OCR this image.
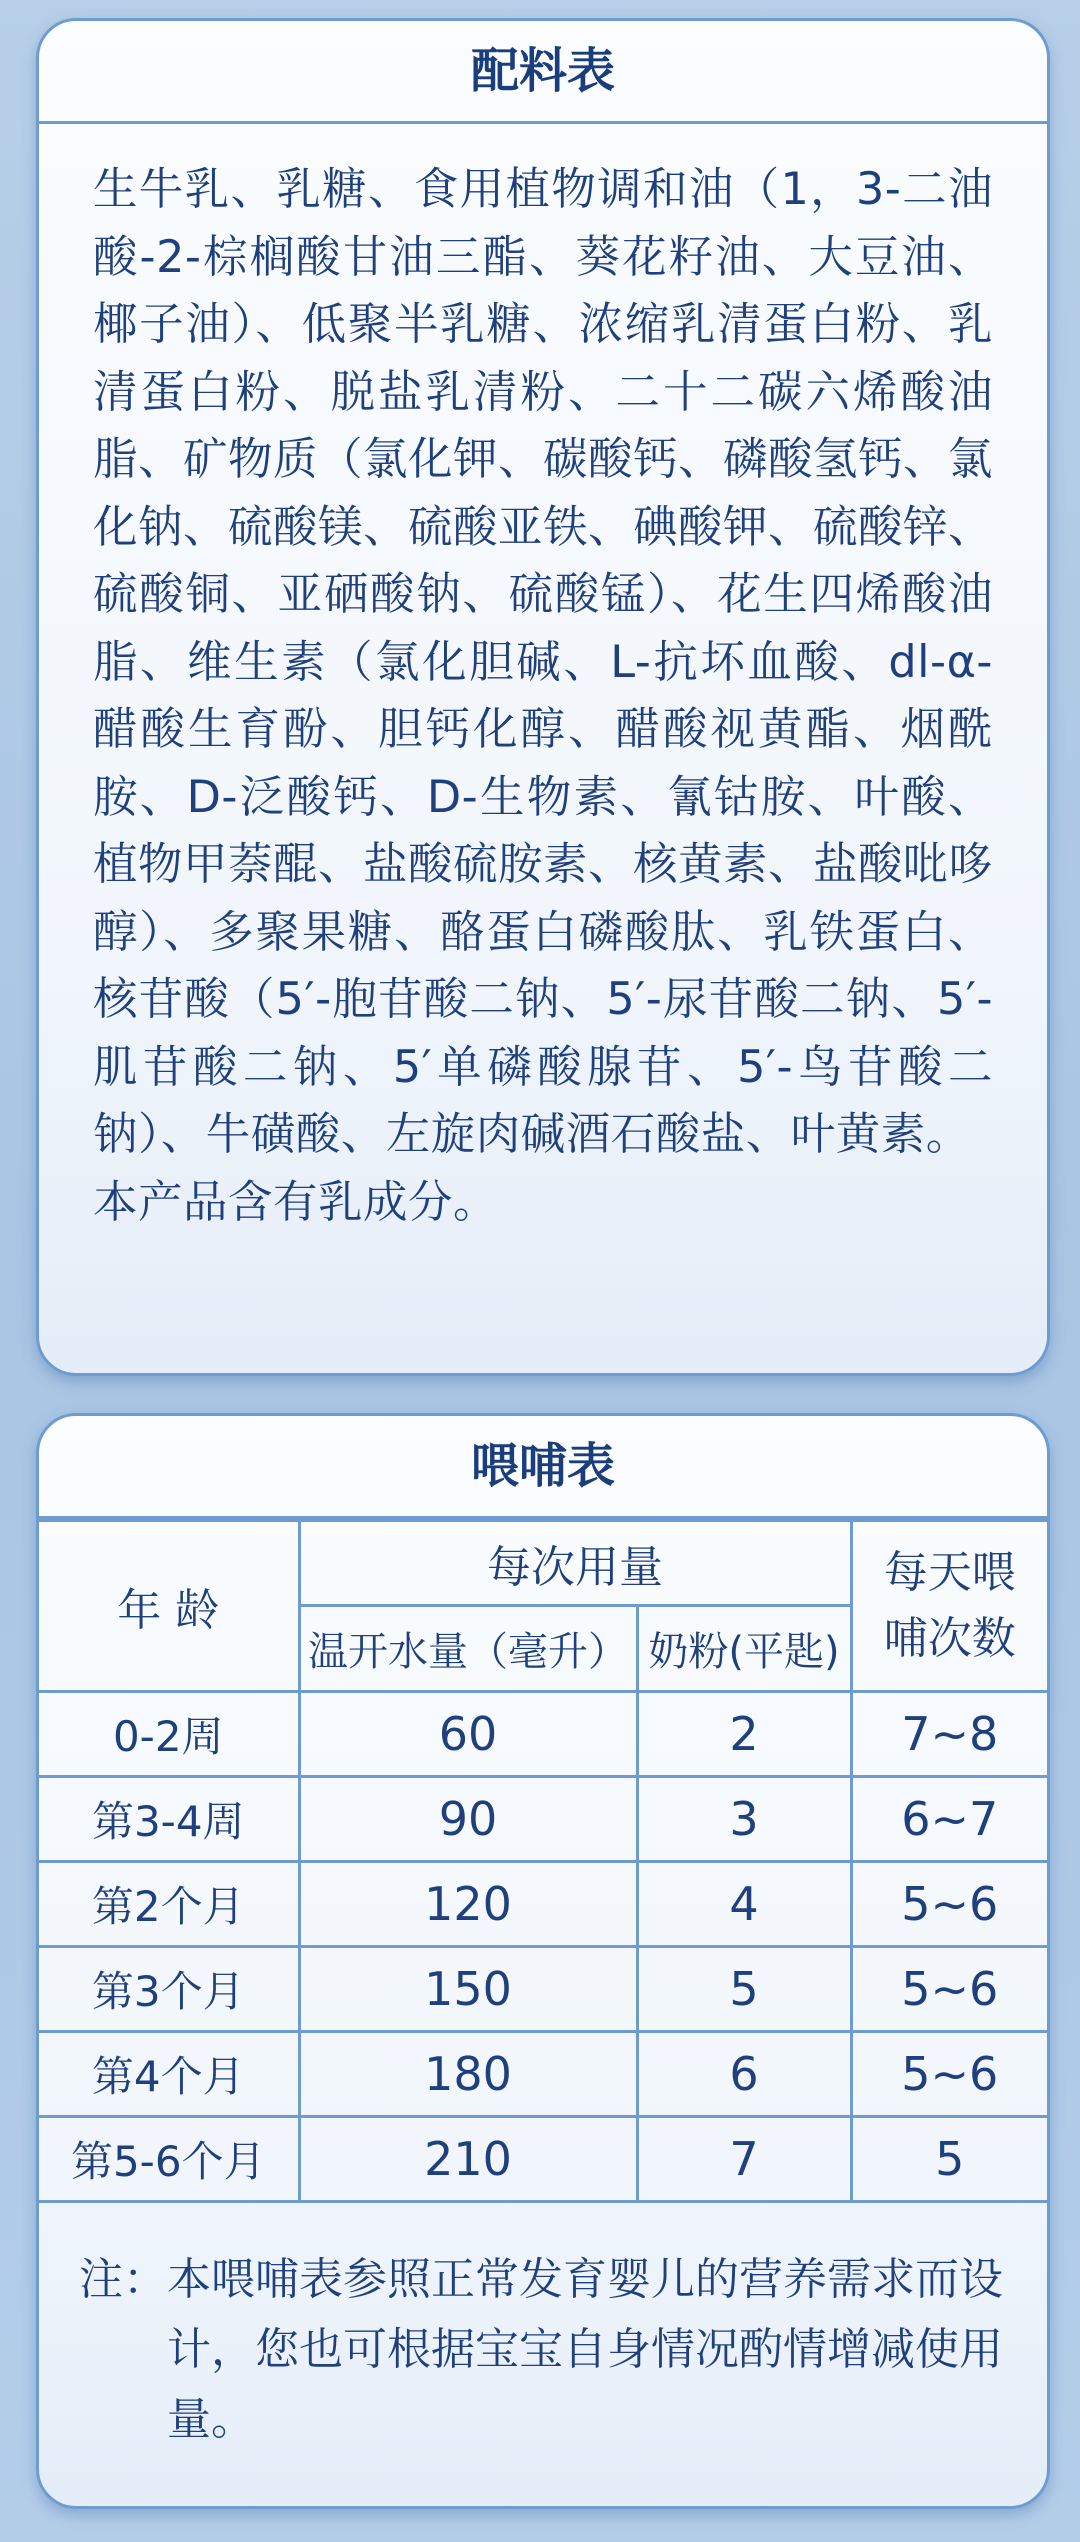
配料表

生牛乳、乳糖、食用植物调和油（1，3-二油酸-2-棕榈酸甘油三酯、葵花籽油、大豆油、椰子油）、低聚半乳糖、浓缩乳清蛋白粉、乳清蛋白粉、脱盐乳清粉、二十二碳六烯酸油脂、矿物质（氯化钾、碳酸钙、磷酸氢钙、氯化钠、硫酸镁、硫酸亚铁、碘酸钾、硫酸锌、硫酸铜、亚硒酸钠、硫酸锰）、花生四烯酸油脂、维生素（氯化胆碱、L-抗坏血酸、dl-α-醋酸生育酚、胆钙化醇、醋酸视黄酯、烟酰胺、D-泛酸钙、D-生物素、氰钴胺、叶酸、植物甲萘醌、盐酸硫胺素、核黄素、盐酸吡哆醇）、多聚果糖、酪蛋白磷酸肽、乳铁蛋白、核苷酸（5′-胞苷酸二钠、5′-尿苷酸二钠、5′-肌苷酸二钠、5′单磷酸腺苷、5′-鸟苷酸二钠）、牛磺酸、左旋肉碱酒石酸盐、叶黄素。

本产品含有乳成分。

喂哺表
年 龄	每次用量		每天喂哺次数
	温开水量（毫升）	奶粉(平匙)	
0-2周	60	2	7~8
第3-4周	90	3	6~7
第2个月	120	4	5~6
第3个月	150	5	5~6
第4个月	180	6	5~6
第5-6个月	210	7	5
注： 本喂哺表参照正常发育婴儿的营养需求而设计，您也可根据宝宝自身情况酌情增减使用量。
